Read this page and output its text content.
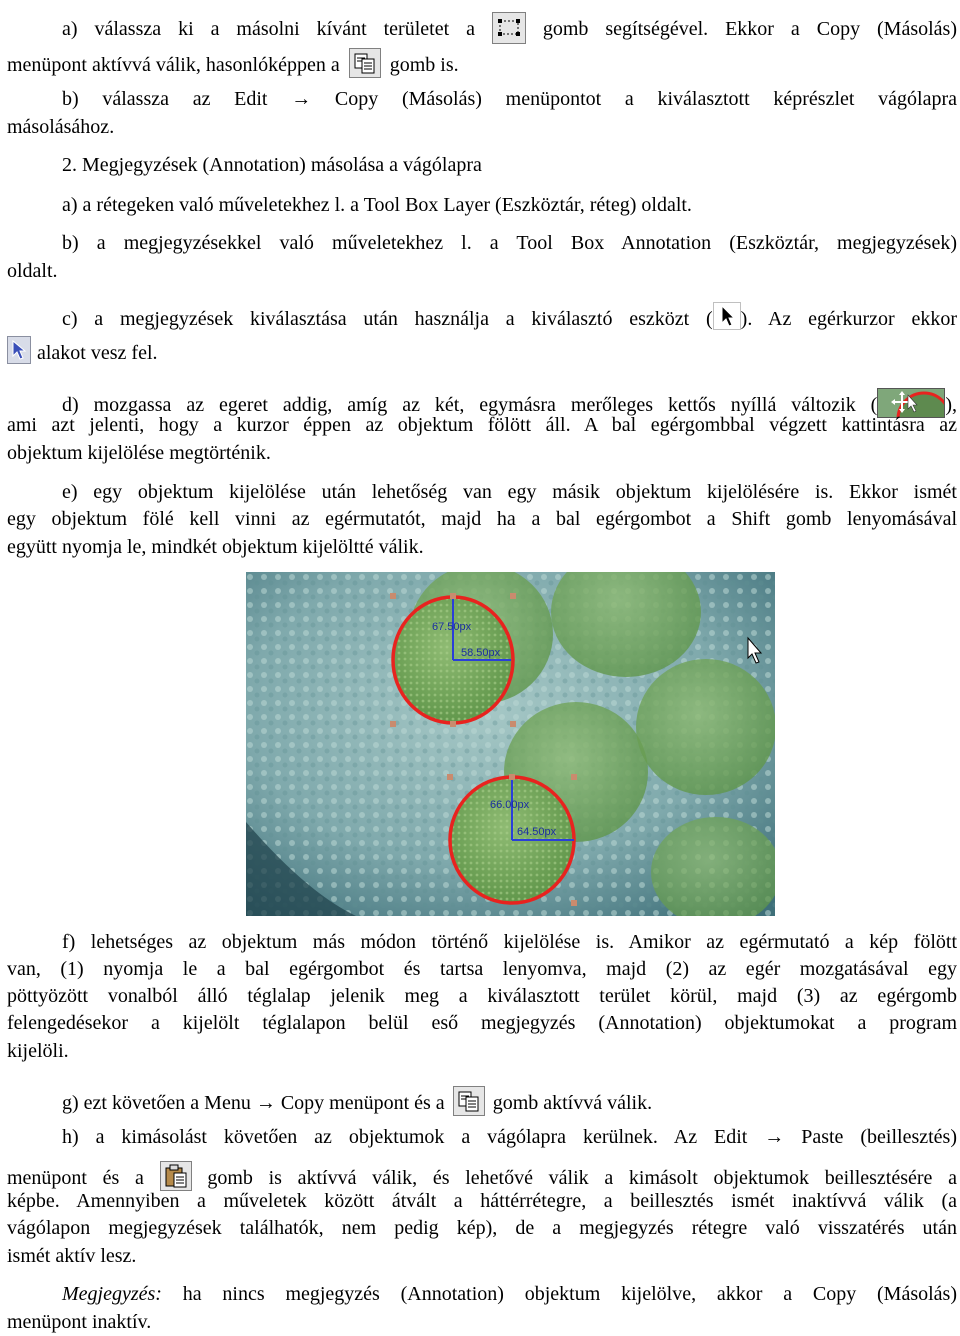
a) válassza ki a másolni kívánt területet a	gomb segítségével. Ekkor a Copy (Másolás)
menüpont aktívvá válik, hasonlóképpen a	gomb is.
b) válassza az Edit → Copy (Másolás) menüpontot a kiválasztott képrészlet vágólapra
másolásához.
2. Megjegyzések (Annotation) másolása a vágólapra
a) a rétegeken való műveletekhez l. a Tool Box Layer (Eszköztár, réteg) oldalt.
b) a megjegyzésekkel való műveletekhez l. a Tool Box Annotation (Eszköztár, megjegyzések)
oldalt.
c) a megjegyzések kiválasztása után használja a kiválasztó eszközt ( ). Az egérkurzor ekkor
alakot vesz fel.
d) mozgassa az egeret addig, amíg az két, egymásra merőleges kettős nyíllá változik (	),
ami azt jelenti, hogy a kurzor éppen az objektum fölött áll. A bal egérgombbal végzett kattintásra az
objektum kijelölése megtörténik.
e) egy objektum kijelölése után lehetőség van egy másik objektum kijelölésére is. Ekkor ismét
egy objektum fölé kell vinni az egérmutatót, majd ha a bal egérgombot a Shift gomb lenyomásával
együtt nyomja le, mindkét objektum kijelöltté válik.
67.50px
58.50px
66.00px
64.50px
f) lehetséges az objektum más módon történő kijelölése is. Amikor az egérmutató a kép fölött
van, (1) nyomja le a bal egérgombot és tartsa lenyomva, majd (2) az egér mozgatásával egy
pöttyözött vonalból álló téglalap jelenik meg a kiválasztott terület körül, majd (3) az egérgomb
felengedésekor a kijelölt téglalapon belül eső megjegyzés (Annotation) objektumokat a program
kijelöli.
g) ezt követően a Menu → Copy menüpont és a gomb aktívvá válik.
h) a kimásolást követően az objektumok a vágólapra kerülnek. Az Edit → Paste (beillesztés)
menüpont és a	gomb is aktívvá válik, és lehetővé válik a kimásolt objektumok beillesztésére a
képbe. Amennyiben a műveletek között átvált a háttérrétegre, a beillesztés ismét inaktívvá válik (a
vágólapon megjegyzések találhatók, nem pedig kép), de a megjegyzés rétegre való visszatérés után
ismét aktív lesz.
Megjegyzés: ha nincs megjegyzés (Annotation) objektum kijelölve, akkor a Copy (Másolás)
menüpont inaktív.
